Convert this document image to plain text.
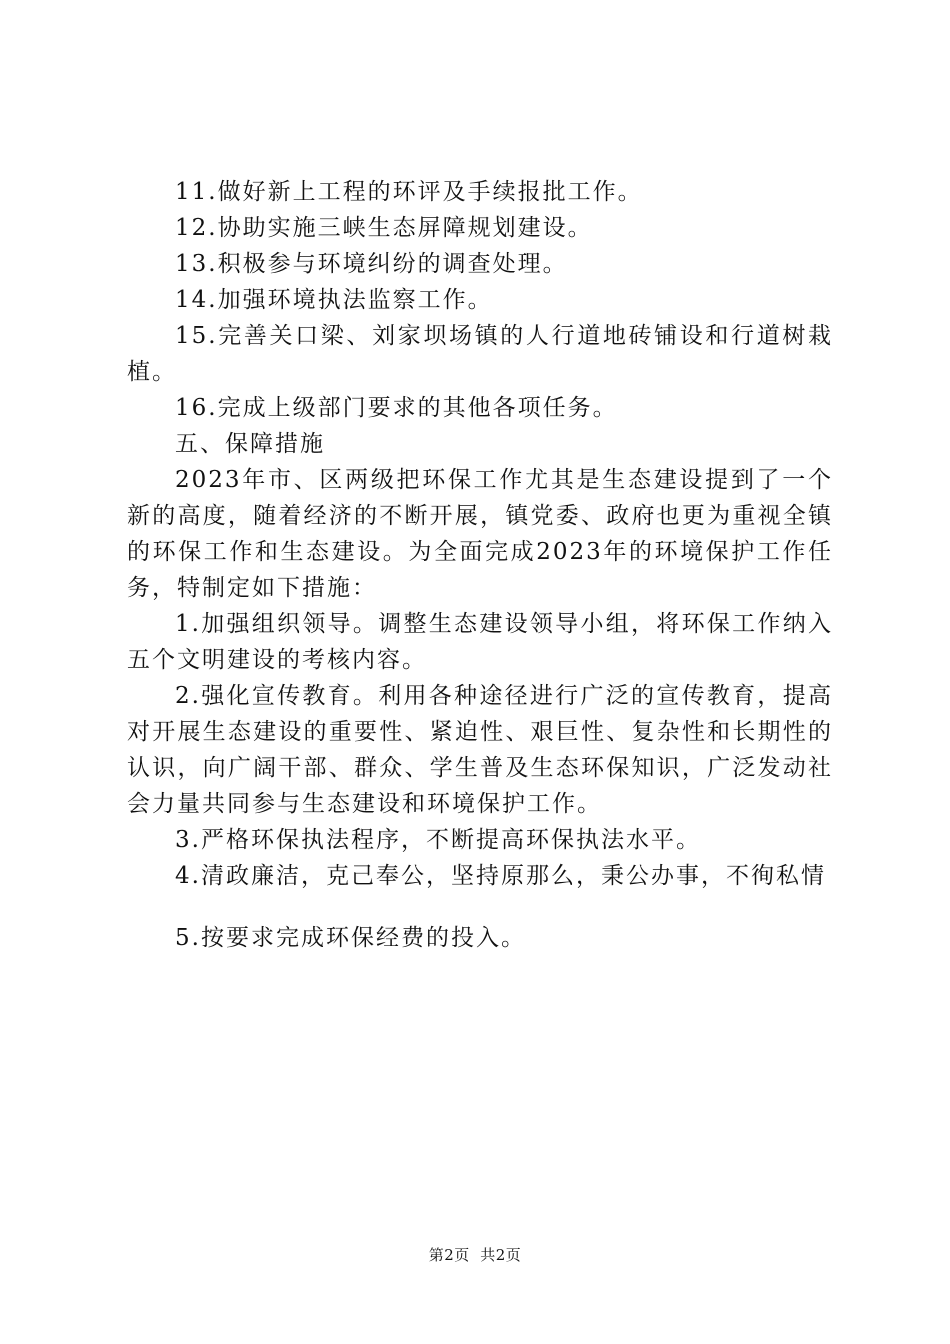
11.做好新上工程的环评及手续报批工作。

12.协助实施三峡生态屏障规划建设。

13.积极参与环境纠纷的调查处理。

14.加强环境执法监察工作。

15.完善关口梁、刘家坝场镇的人行道地砖铺设和行道树栽植。

16.完成上级部门要求的其他各项任务。

五、保障措施

2023年市、区两级把环保工作尤其是生态建设提到了一个新的高度，随着经济的不断开展，镇党委、政府也更为重视全镇的环保工作和生态建设。为全面完成2023年的环境保护工作任务，特制定如下措施：

1.加强组织领导。调整生态建设领导小组，将环保工作纳入五个文明建设的考核内容。

2.强化宣传教育。利用各种途径进行广泛的宣传教育，提高对开展生态建设的重要性、紧迫性、艰巨性、复杂性和长期性的认识，向广阔干部、群众、学生普及生态环保知识，广泛发动社会力量共同参与生态建设和环境保护工作。

3.严格环保执法程序，不断提高环保执法水平。

4.清政廉洁，克己奉公，坚持原那么，秉公办事，不徇私情

5.按要求完成环保经费的投入。

第2页  共2页
